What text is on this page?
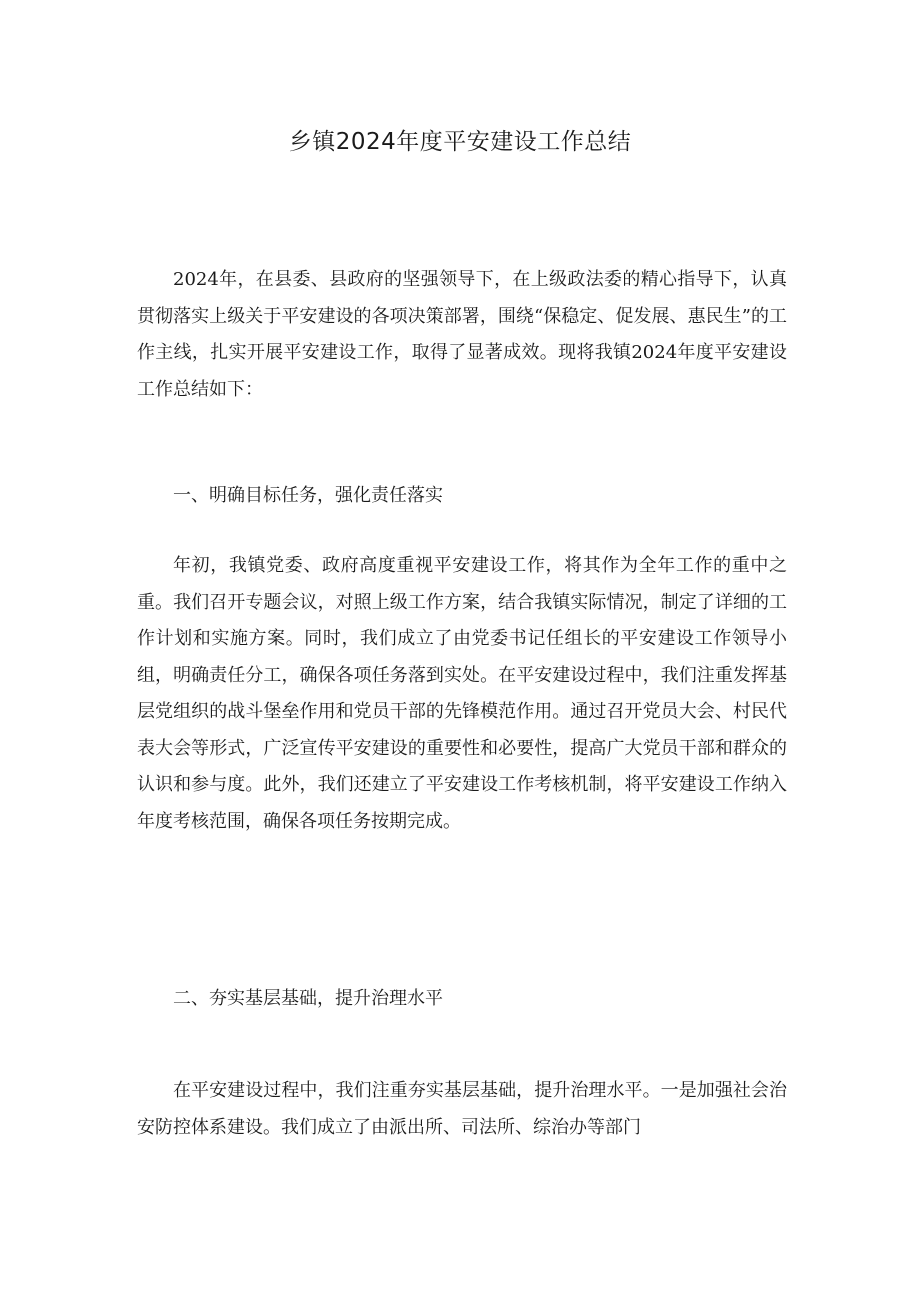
乡镇2024年度平安建设工作总结

2024年，在县委、县政府的坚强领导下，在上级政法委的精心指导下，认真贯彻落实上级关于平安建设的各项决策部署，围绕“保稳定、促发展、惠民生”的工作主线，扎实开展平安建设工作，取得了显著成效。现将我镇2024年度平安建设工作总结如下：

一、明确目标任务，强化责任落实

年初，我镇党委、政府高度重视平安建设工作，将其作为全年工作的重中之重。我们召开专题会议，对照上级工作方案，结合我镇实际情况，制定了详细的工作计划和实施方案。同时，我们成立了由党委书记任组长的平安建设工作领导小组，明确责任分工，确保各项任务落到实处。在平安建设过程中，我们注重发挥基层党组织的战斗堡垒作用和党员干部的先锋模范作用。通过召开党员大会、村民代表大会等形式，广泛宣传平安建设的重要性和必要性，提高广大党员干部和群众的认识和参与度。此外，我们还建立了平安建设工作考核机制，将平安建设工作纳入年度考核范围，确保各项任务按期完成。

二、夯实基层基础，提升治理水平

在平安建设过程中，我们注重夯实基层基础，提升治理水平。一是加强社会治安防控体系建设。我们成立了由派出所、司法所、综治办等部门
